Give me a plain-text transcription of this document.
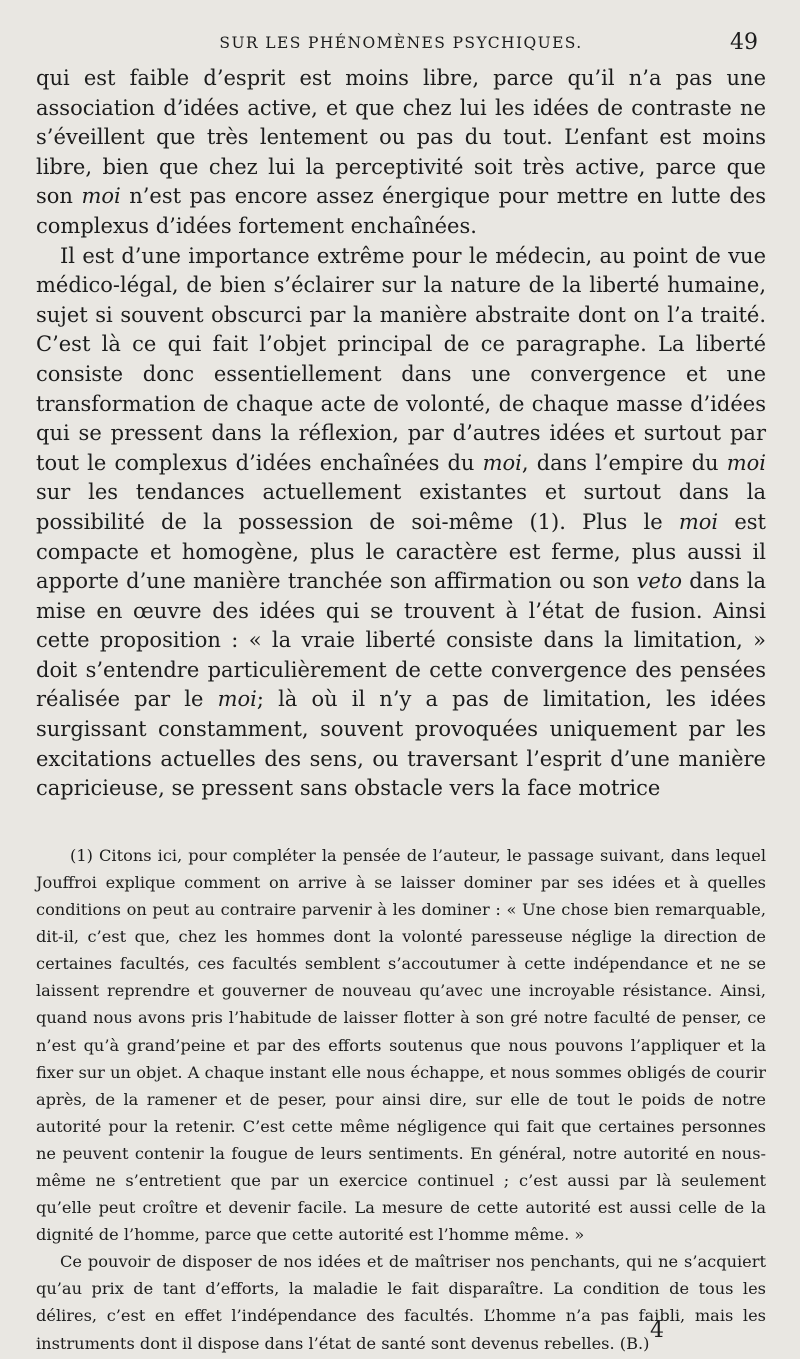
SUR LES PHÉNOMÈNES PSYCHIQUES.	49

qui est faible d’esprit est moins libre, parce qu’il n’a pas une association d’idées active, et que chez lui les idées de contraste ne s’éveillent que très lentement ou pas du tout. L’enfant est moins libre, bien que chez lui la perceptivité soit très active, parce que son moi n’est pas encore assez énergique pour mettre en lutte des complexus d’idées fortement enchaînées.

Il est d’une importance extrême pour le médecin, au point de vue médico-légal, de bien s’éclairer sur la nature de la liberté humaine, sujet si souvent obscurci par la manière abstraite dont on l’a traité. C’est là ce qui fait l’objet principal de ce paragraphe. La liberté consiste donc essentiellement dans une convergence et une transformation de chaque acte de volonté, de chaque masse d’idées qui se pressent dans la réflexion, par d’autres idées et surtout par tout le complexus d’idées enchaînées du moi, dans l’empire du moi sur les tendances actuellement existantes et surtout dans la possibilité de la possession de soi-même (1). Plus le moi est compacte et homogène, plus le caractère est ferme, plus aussi il apporte d’une manière tranchée son affirmation ou son veto dans la mise en œuvre des idées qui se trouvent à l’état de fusion. Ainsi cette proposition : « la vraie liberté consiste dans la limitation, » doit s’entendre particulièrement de cette convergence des pensées réalisée par le moi; là où il n’y a pas de limitation, les idées surgissant constamment, souvent provoquées uniquement par les excitations actuelles des sens, ou traversant l’esprit d’une manière capricieuse, se pressent sans obstacle vers la face motrice

(1) Citons ici, pour compléter la pensée de l’auteur, le passage suivant, dans lequel Jouffroi explique comment on arrive à se laisser dominer par ses idées et à quelles conditions on peut au contraire parvenir à les dominer : « Une chose bien remarquable, dit-il, c’est que, chez les hommes dont la volonté paresseuse néglige la direction de certaines facultés, ces facultés semblent s’accoutumer à cette indépendance et ne se laissent reprendre et gouverner de nouveau qu’avec une incroyable résistance. Ainsi, quand nous avons pris l’habitude de laisser flotter à son gré notre faculté de penser, ce n’est qu’à grand’peine et par des efforts soutenus que nous pouvons l’appliquer et la fixer sur un objet. A chaque instant elle nous échappe, et nous sommes obligés de courir après, de la ramener et de peser, pour ainsi dire, sur elle de tout le poids de notre autorité pour la retenir. C’est cette même négligence qui fait que certaines personnes ne peuvent contenir la fougue de leurs sentiments. En général, notre autorité en nous-même ne s’entretient que par un exercice continuel ; c’est aussi par là seulement qu’elle peut croître et devenir facile. La mesure de cette autorité est aussi celle de la dignité de l’homme, parce que cette autorité est l’homme même. »

Ce pouvoir de disposer de nos idées et de maîtriser nos penchants, qui ne s’acquiert qu’au prix de tant d’efforts, la maladie le fait disparaître. La condition de tous les délires, c’est en effet l’indépendance des facultés. L’homme n’a pas faibli, mais les instruments dont il dispose dans l’état de santé sont devenus rebelles. (B.)

4
